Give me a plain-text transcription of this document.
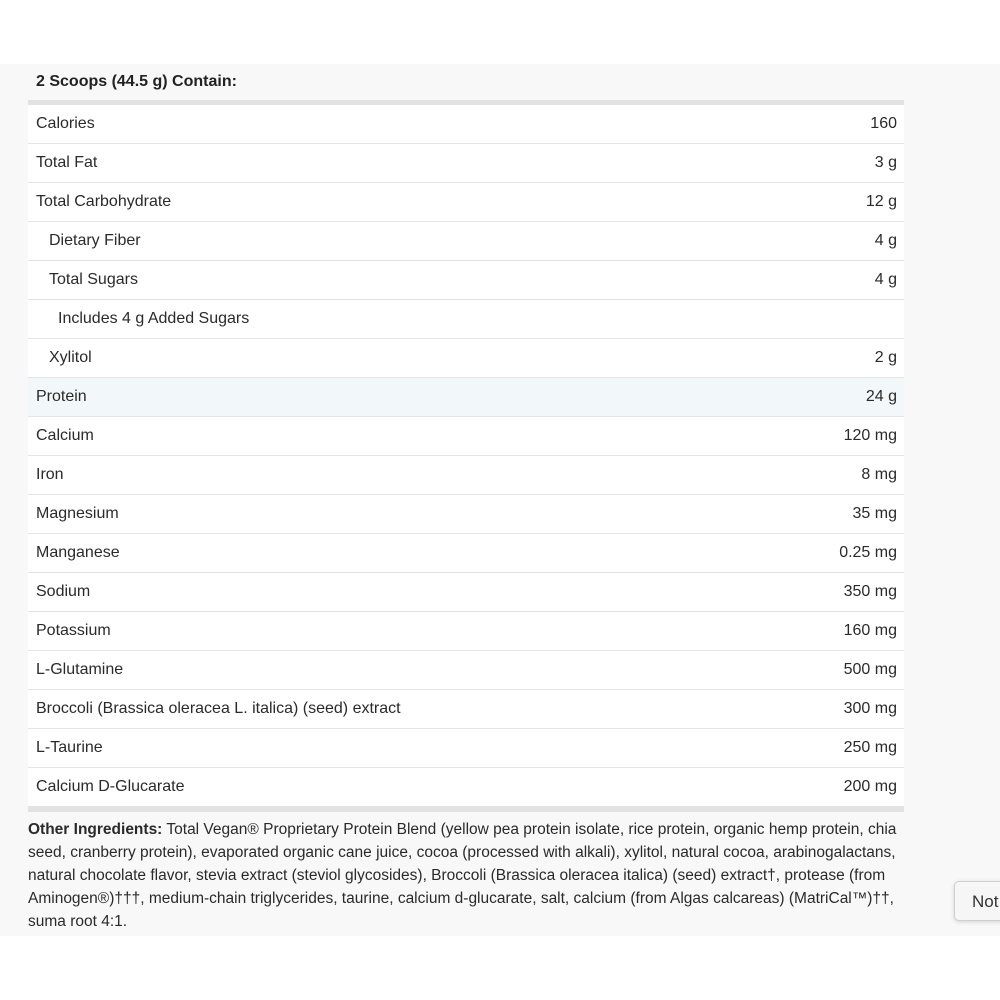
2 Scoops (44.5 g) Contain:
Calories	160
Total Fat	3 g
Total Carbohydrate	12 g
Dietary Fiber	4 g
Total Sugars	4 g
Includes 4 g Added Sugars
Xylitol	2 g
Protein	24 g
Calcium	120 mg
Iron	8 mg
Magnesium	35 mg
Manganese	0.25 mg
Sodium	350 mg
Potassium	160 mg
L-Glutamine	500 mg
Broccoli (Brassica oleracea L. italica) (seed) extract	300 mg
L-Taurine	250 mg
Calcium D-Glucarate	200 mg
Other Ingredients: Total Vegan® Proprietary Protein Blend (yellow pea protein isolate, rice protein, organic hemp protein, chia seed, cranberry protein), evaporated organic cane juice, cocoa (processed with alkali), xylitol, natural cocoa, arabinogalactans, natural chocolate flavor, stevia extract (steviol glycosides), Broccoli (Brassica oleracea italica) (seed) extract†, protease (from Aminogen®)†††, medium-chain triglycerides, taurine, calcium d-glucarate, salt, calcium (from Algas calcareas) (MatriCal™)††, suma root 4:1.
Not
